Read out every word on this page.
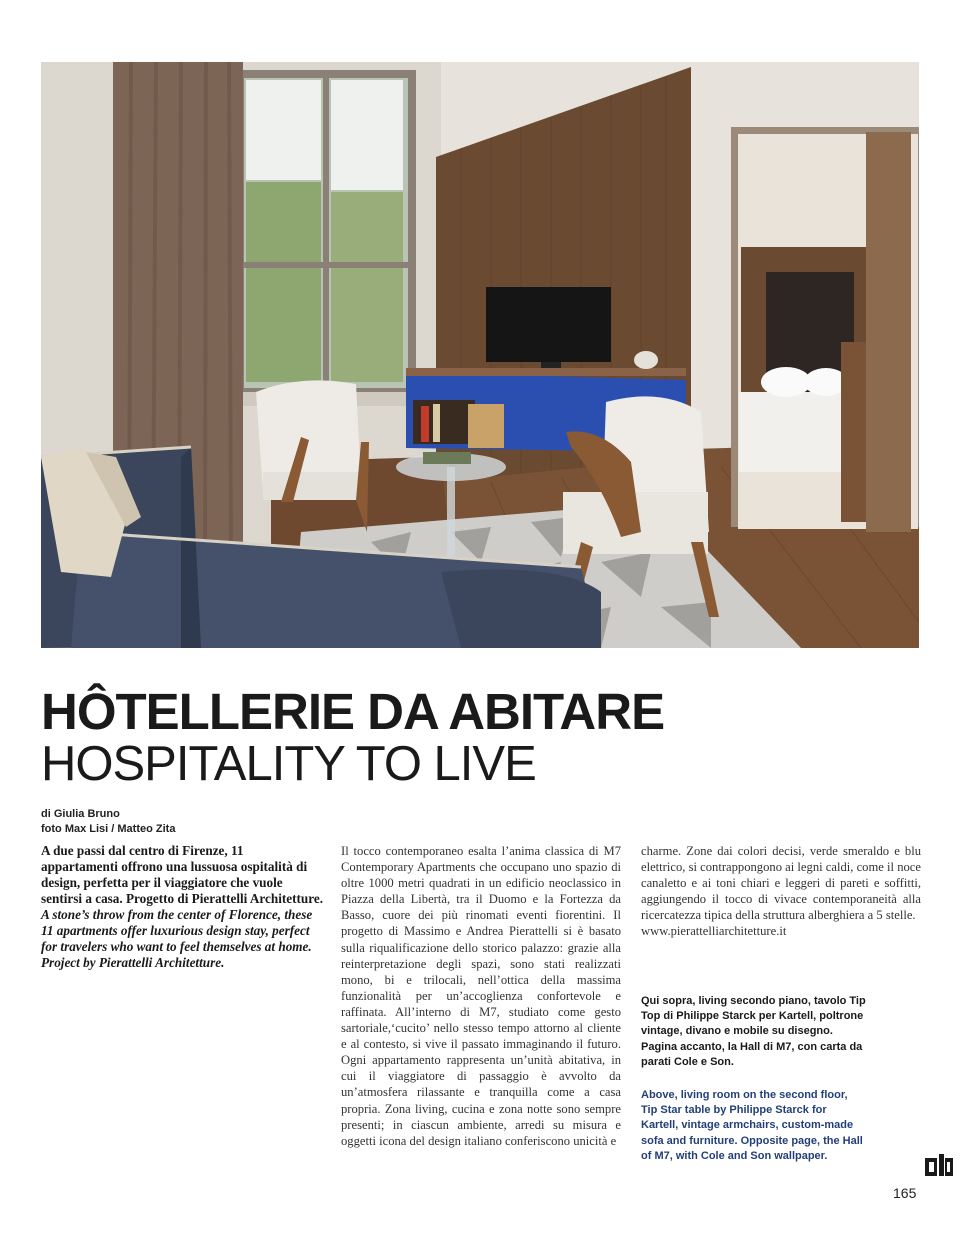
HÔTELLERIE DA ABITARE
HOSPITALITY TO LIVE
di Giulia Bruno
foto Max Lisi / Matteo Zita

A due passi dal centro di Firenze, 11 appartamenti offrono una lussuosa ospitalità di design, perfetta per il viaggiatore che vuole sentirsi a casa. Progetto di Pierattelli Architetture.

A stone’s throw from the center of Florence, these 11 apartments offer luxurious design stay, perfect for travelers who want to feel themselves at home. Project by Pierattelli Architetture.

Il tocco contemporaneo esalta l’anima classica di M7 Contemporary Apartments che occupano uno spazio di oltre 1000 metri quadrati in un edificio neoclassico in Piazza della Libertà, tra il Duomo e la Fortezza da Basso, cuore dei più rinomati eventi fiorentini. Il progetto di Massimo e Andrea Pierattelli si è basato sulla riqualificazione dello storico palazzo: grazie alla reinterpretazione degli spazi, sono stati realizzati mono, bi e trilocali, nell’ottica della massima funzionalità per un’accoglienza confortevole e raffinata. All’interno di M7, studiato come gesto sartoriale,‘cucito’ nello stesso tempo attorno al cliente e al contesto, si vive il passato immaginando il futuro. Ogni appartamento rappresenta un’unità abitativa, in cui il viaggiatore di passaggio è avvolto da un’atmosfera rilassante e tranquilla come a casa propria. Zona living, cucina e zona notte sono sempre presenti; in ciascun ambiente, arredi su misura e oggetti icona del design italiano conferiscono unicità e

charme. Zone dai colori decisi, verde smeraldo e blu elettrico, si contrappongono ai legni caldi, come il noce canaletto e ai toni chiari e leggeri di pareti e soffitti, aggiungendo il tocco di vivace contemporaneità alla ricercatezza tipica della struttura alberghiera a 5 stelle.

www.pierattelliarchitetture.it

Qui sopra, living secondo piano, tavolo Tip Top di Philippe Starck per Kartell, poltrone vintage, divano e mobile su disegno. Pagina accanto, la Hall di M7, con carta da parati Cole e Son.
Above, living room on the second floor, Tip Star table by Philippe Starck for Kartell, vintage armchairs, custom-made sofa and furniture. Opposite page, the Hall of M7, with Cole and Son wallpaper.
165
